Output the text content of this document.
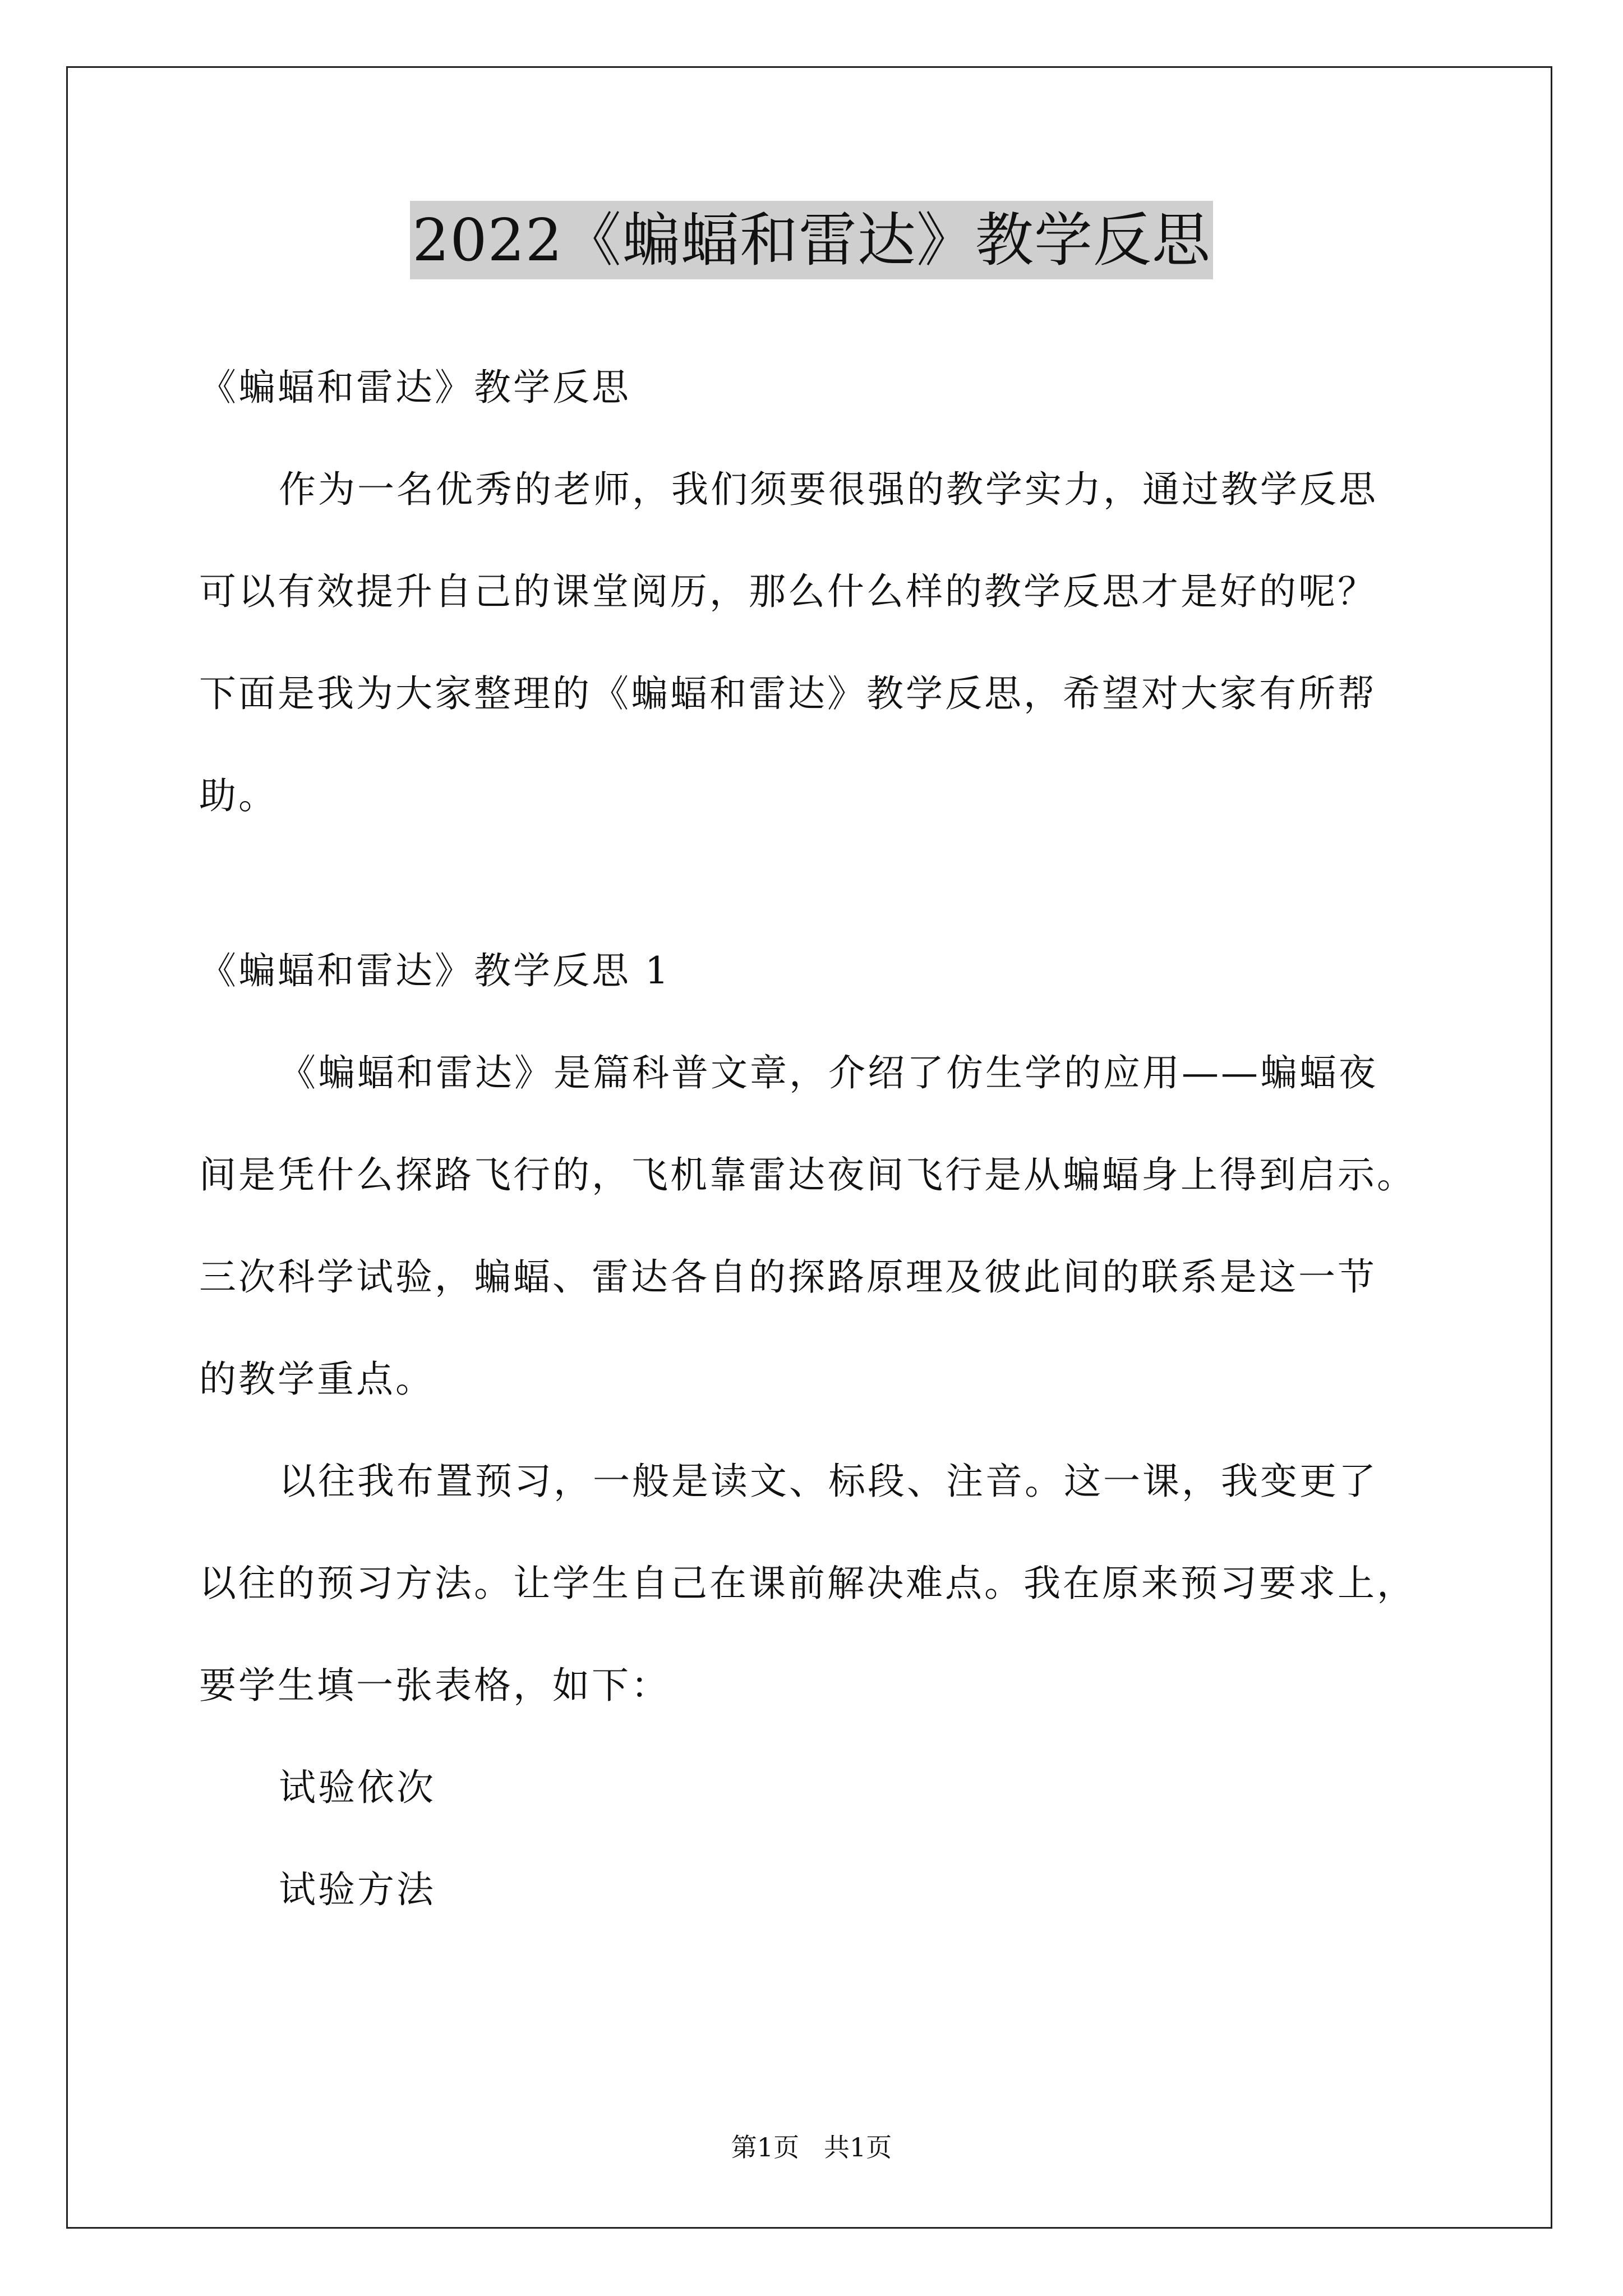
2022《蝙蝠和雷达》教学反思
《蝙蝠和雷达》教学反思
作为一名优秀的老师，我们须要很强的教学实力，通过教学反思
可以有效提升自己的课堂阅历，那么什么样的教学反思才是好的呢？
下面是我为大家整理的《蝙蝠和雷达》教学反思，希望对大家有所帮
助。
《蝙蝠和雷达》教学反思 1
《蝙蝠和雷达》是篇科普文章，介绍了仿生学的应用——蝙蝠夜
间是凭什么探路飞行的，飞机靠雷达夜间飞行是从蝙蝠身上得到启示。
三次科学试验，蝙蝠、雷达各自的探路原理及彼此间的联系是这一节
的教学重点。
以往我布置预习，一般是读文、标段、注音。这一课，我变更了
以往的预习方法。让学生自己在课前解决难点。我在原来预习要求上，
要学生填一张表格，如下：
试验依次
试验方法
第1页   共1页
